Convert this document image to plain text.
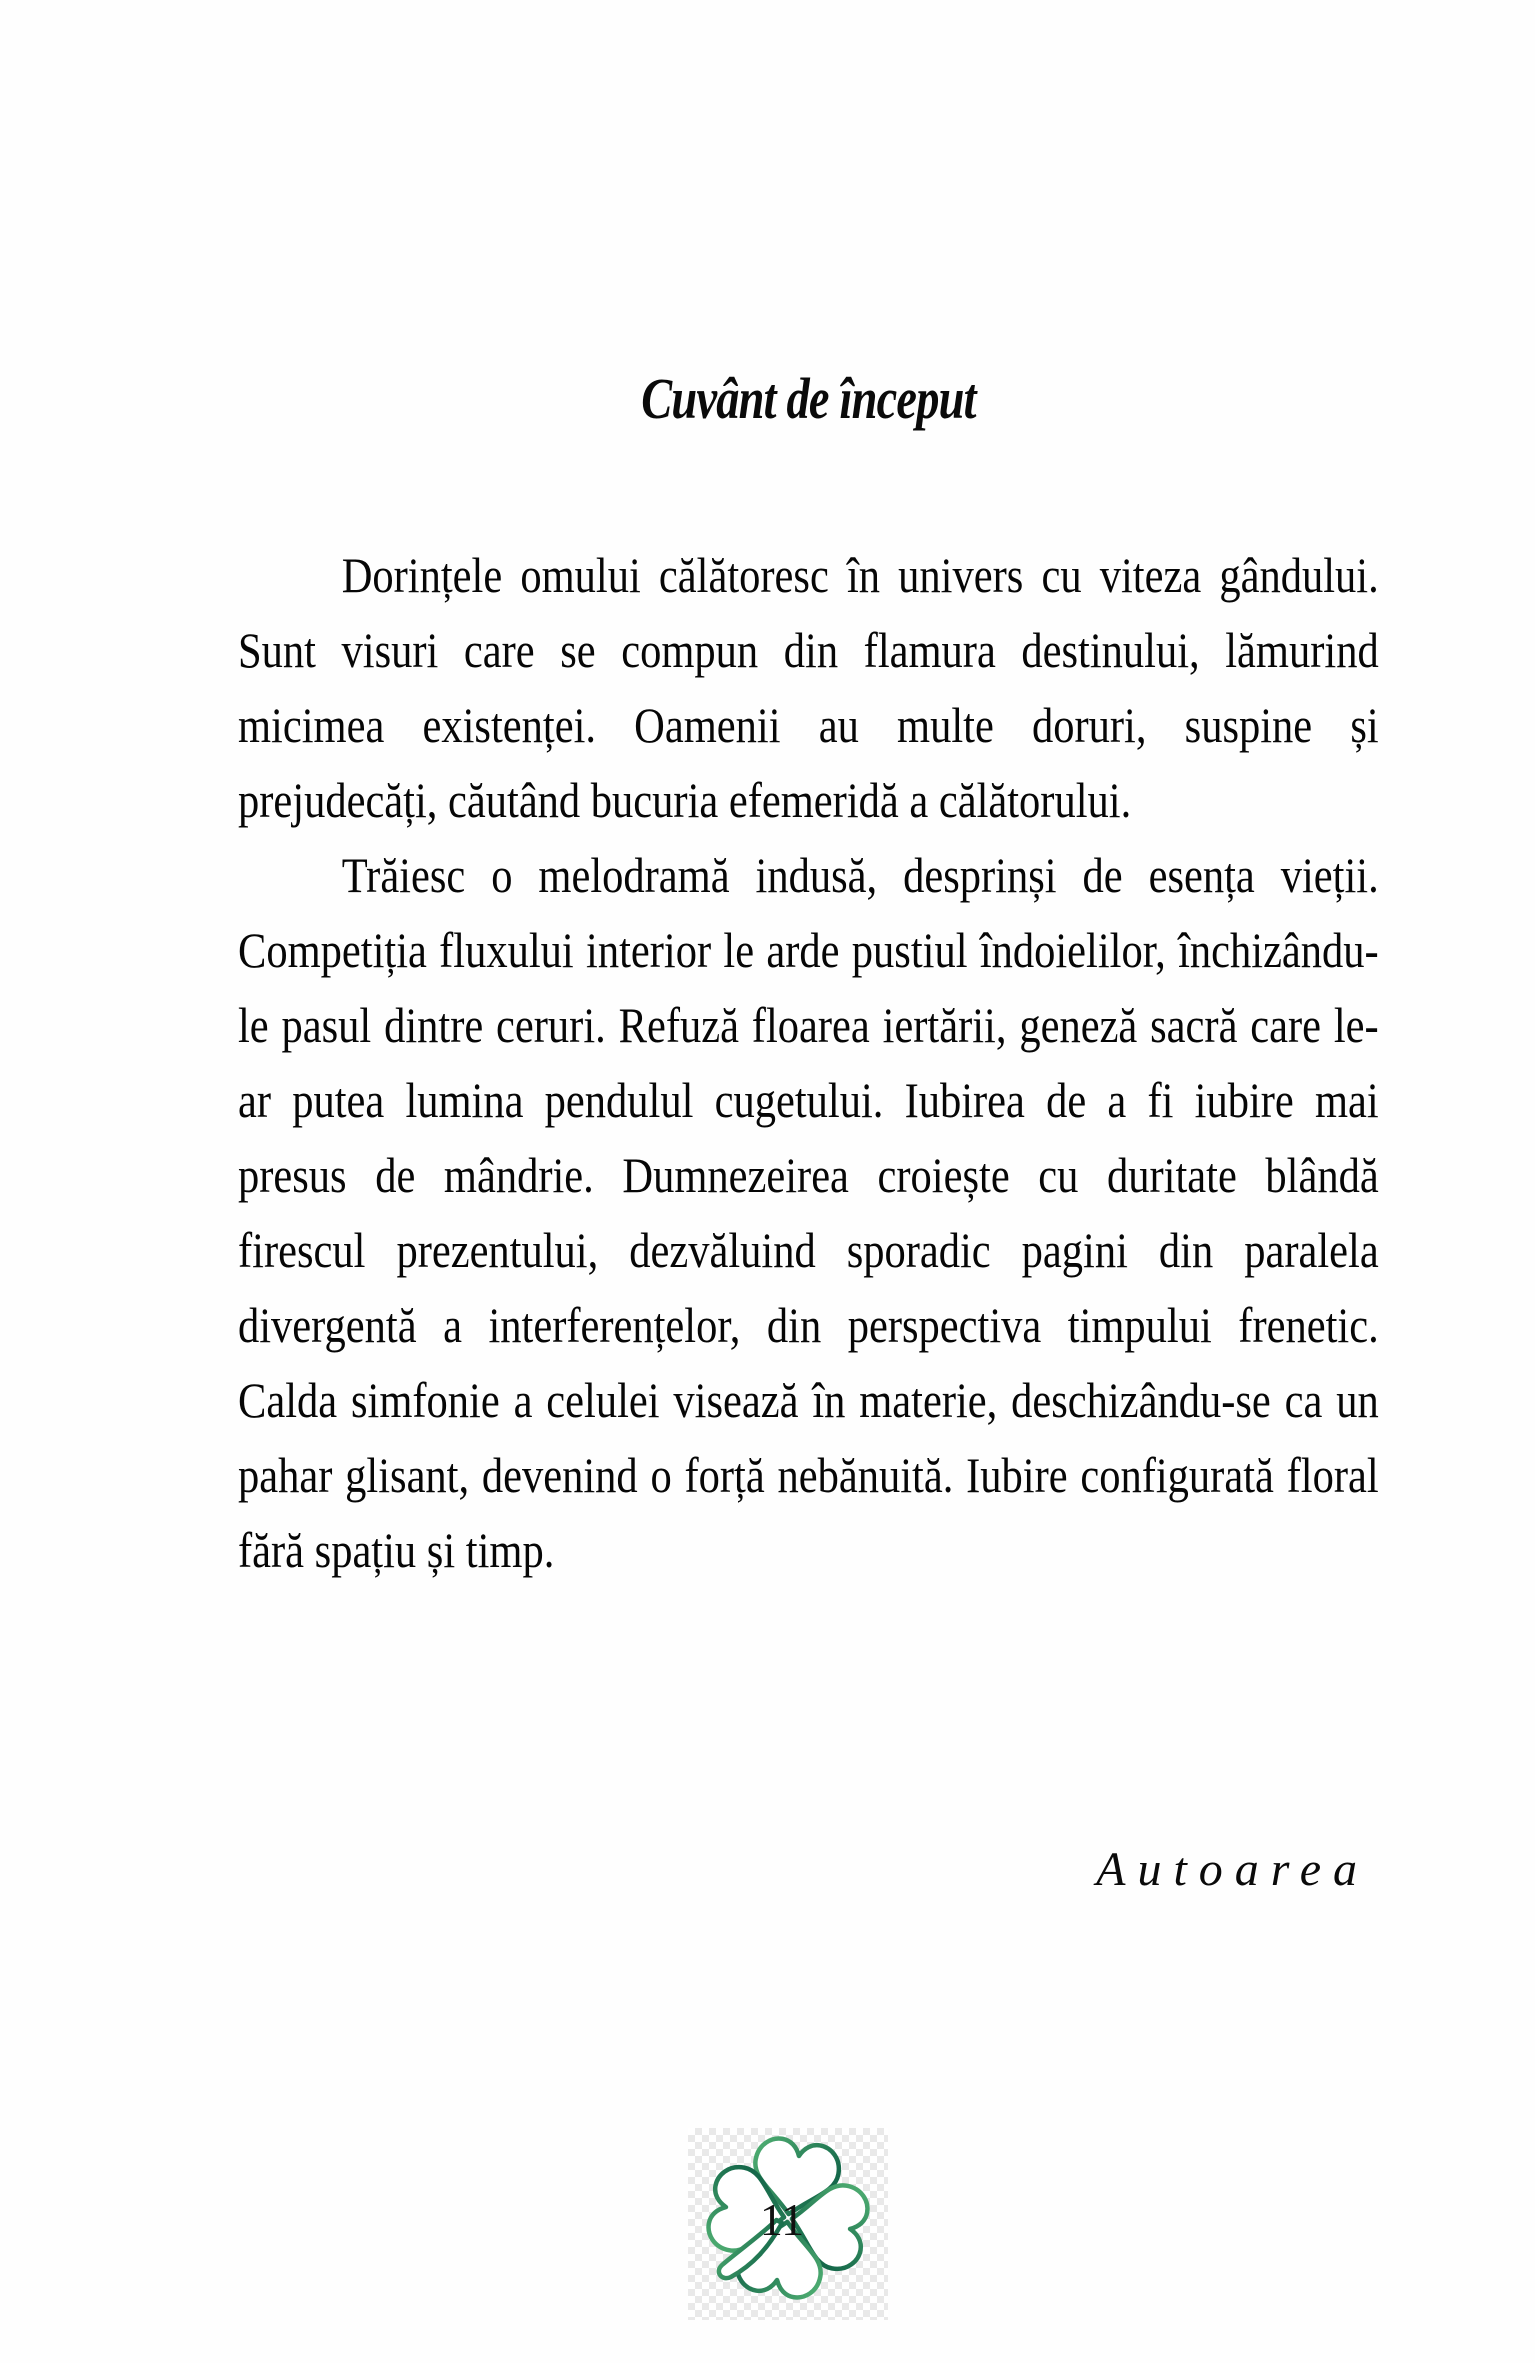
Cuvânt de început

Dorințele omului călătoresc în univers cu viteza gândului. Sunt visuri care se compun din flamura destinului, lămurind micimea existenței. Oamenii au multe doruri, suspine și prejudecăți, căutând bucuria efemeridă a călătorului.

Trăiesc o melodramă indusă, desprinși de esența vieții. Competiția fluxului interior le arde pustiul îndoielilor, închizându-le pasul dintre ceruri. Refuză floarea iertării, geneză sacră care le-ar putea lumina pendulul cugetului. Iubirea de a fi iubire mai presus de mândrie. Dumnezeirea croiește cu duritate blândă firescul prezentului, dezvăluind sporadic pagini din paralela divergentă a interferențelor, din perspectiva timpului frenetic. Calda simfonie a celulei visează în materie, deschizându-se ca un pahar glisant, devenind o forță nebănuită. Iubire configurată floral fără spațiu și timp.

Autoarea
11
